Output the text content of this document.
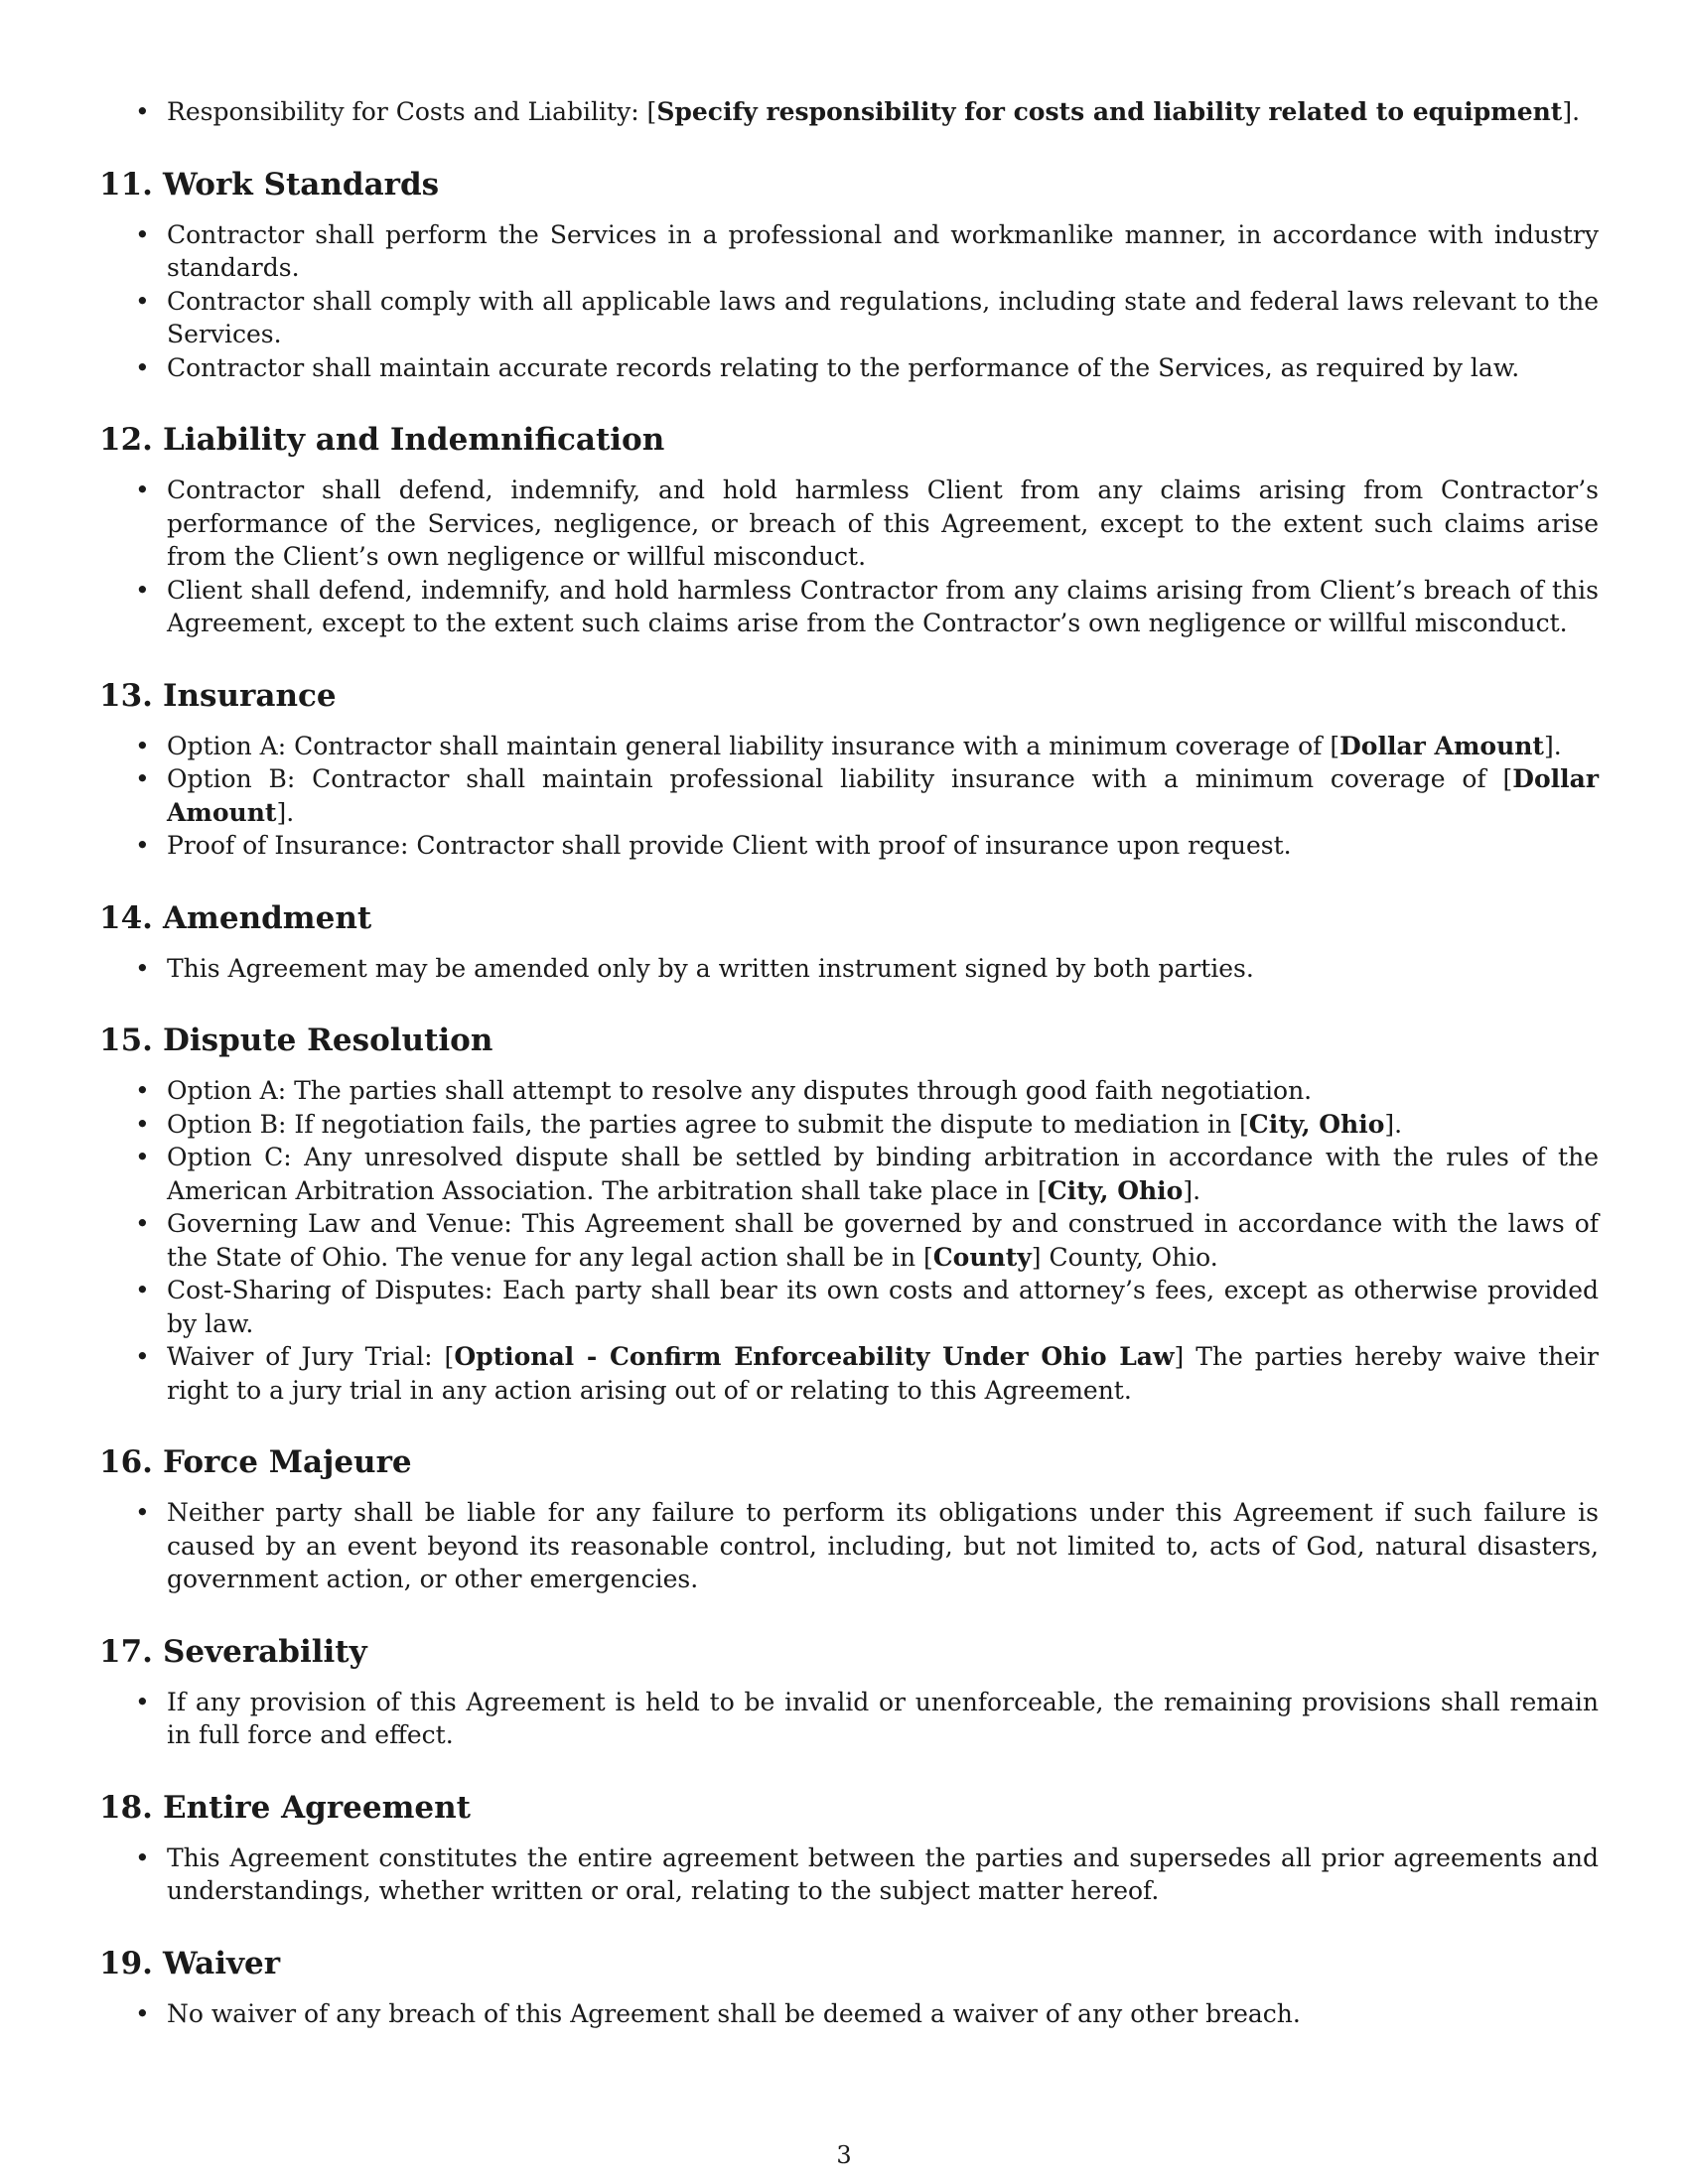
• Responsibility for Costs and Liability: [Specify responsibility for costs and liability related to equipment].
11. Work Standards
• Contractor shall perform the Services in a professional and workmanlike manner, in accordance with industry standards.
• Contractor shall comply with all applicable laws and regulations, including state and federal laws relevant to the Services.
• Contractor shall maintain accurate records relating to the performance of the Services, as required by law.
12. Liability and Indemnification
• Contractor shall defend, indemnify, and hold harmless Client from any claims arising from Contractor’s performance of the Services, negligence, or breach of this Agreement, except to the extent such claims arise from the Client’s own negligence or willful misconduct.
• Client shall defend, indemnify, and hold harmless Contractor from any claims arising from Client’s breach of this Agreement, except to the extent such claims arise from the Contractor’s own negligence or willful misconduct.
13. Insurance
• Option A: Contractor shall maintain general liability insurance with a minimum coverage of [Dollar Amount].
• Option B: Contractor shall maintain professional liability insurance with a minimum coverage of [Dollar Amount].
• Proof of Insurance: Contractor shall provide Client with proof of insurance upon request.
14. Amendment
• This Agreement may be amended only by a written instrument signed by both parties.
15. Dispute Resolution
• Option A: The parties shall attempt to resolve any disputes through good faith negotiation.
• Option B: If negotiation fails, the parties agree to submit the dispute to mediation in [City, Ohio].
• Option C: Any unresolved dispute shall be settled by binding arbitration in accordance with the rules of the American Arbitration Association. The arbitration shall take place in [City, Ohio].
• Governing Law and Venue: This Agreement shall be governed by and construed in accordance with the laws of the State of Ohio. The venue for any legal action shall be in [County] County, Ohio.
• Cost-Sharing of Disputes: Each party shall bear its own costs and attorney’s fees, except as otherwise provided by law.
• Waiver of Jury Trial: [Optional - Confirm Enforceability Under Ohio Law] The parties hereby waive their right to a jury trial in any action arising out of or relating to this Agreement.
16. Force Majeure
• Neither party shall be liable for any failure to perform its obligations under this Agreement if such failure is caused by an event beyond its reasonable control, including, but not limited to, acts of God, natural disasters, government action, or other emergencies.
17. Severability
• If any provision of this Agreement is held to be invalid or unenforceable, the remaining provisions shall remain in full force and effect.
18. Entire Agreement
• This Agreement constitutes the entire agreement between the parties and supersedes all prior agreements and understandings, whether written or oral, relating to the subject matter hereof.
19. Waiver
• No waiver of any breach of this Agreement shall be deemed a waiver of any other breach.
3
